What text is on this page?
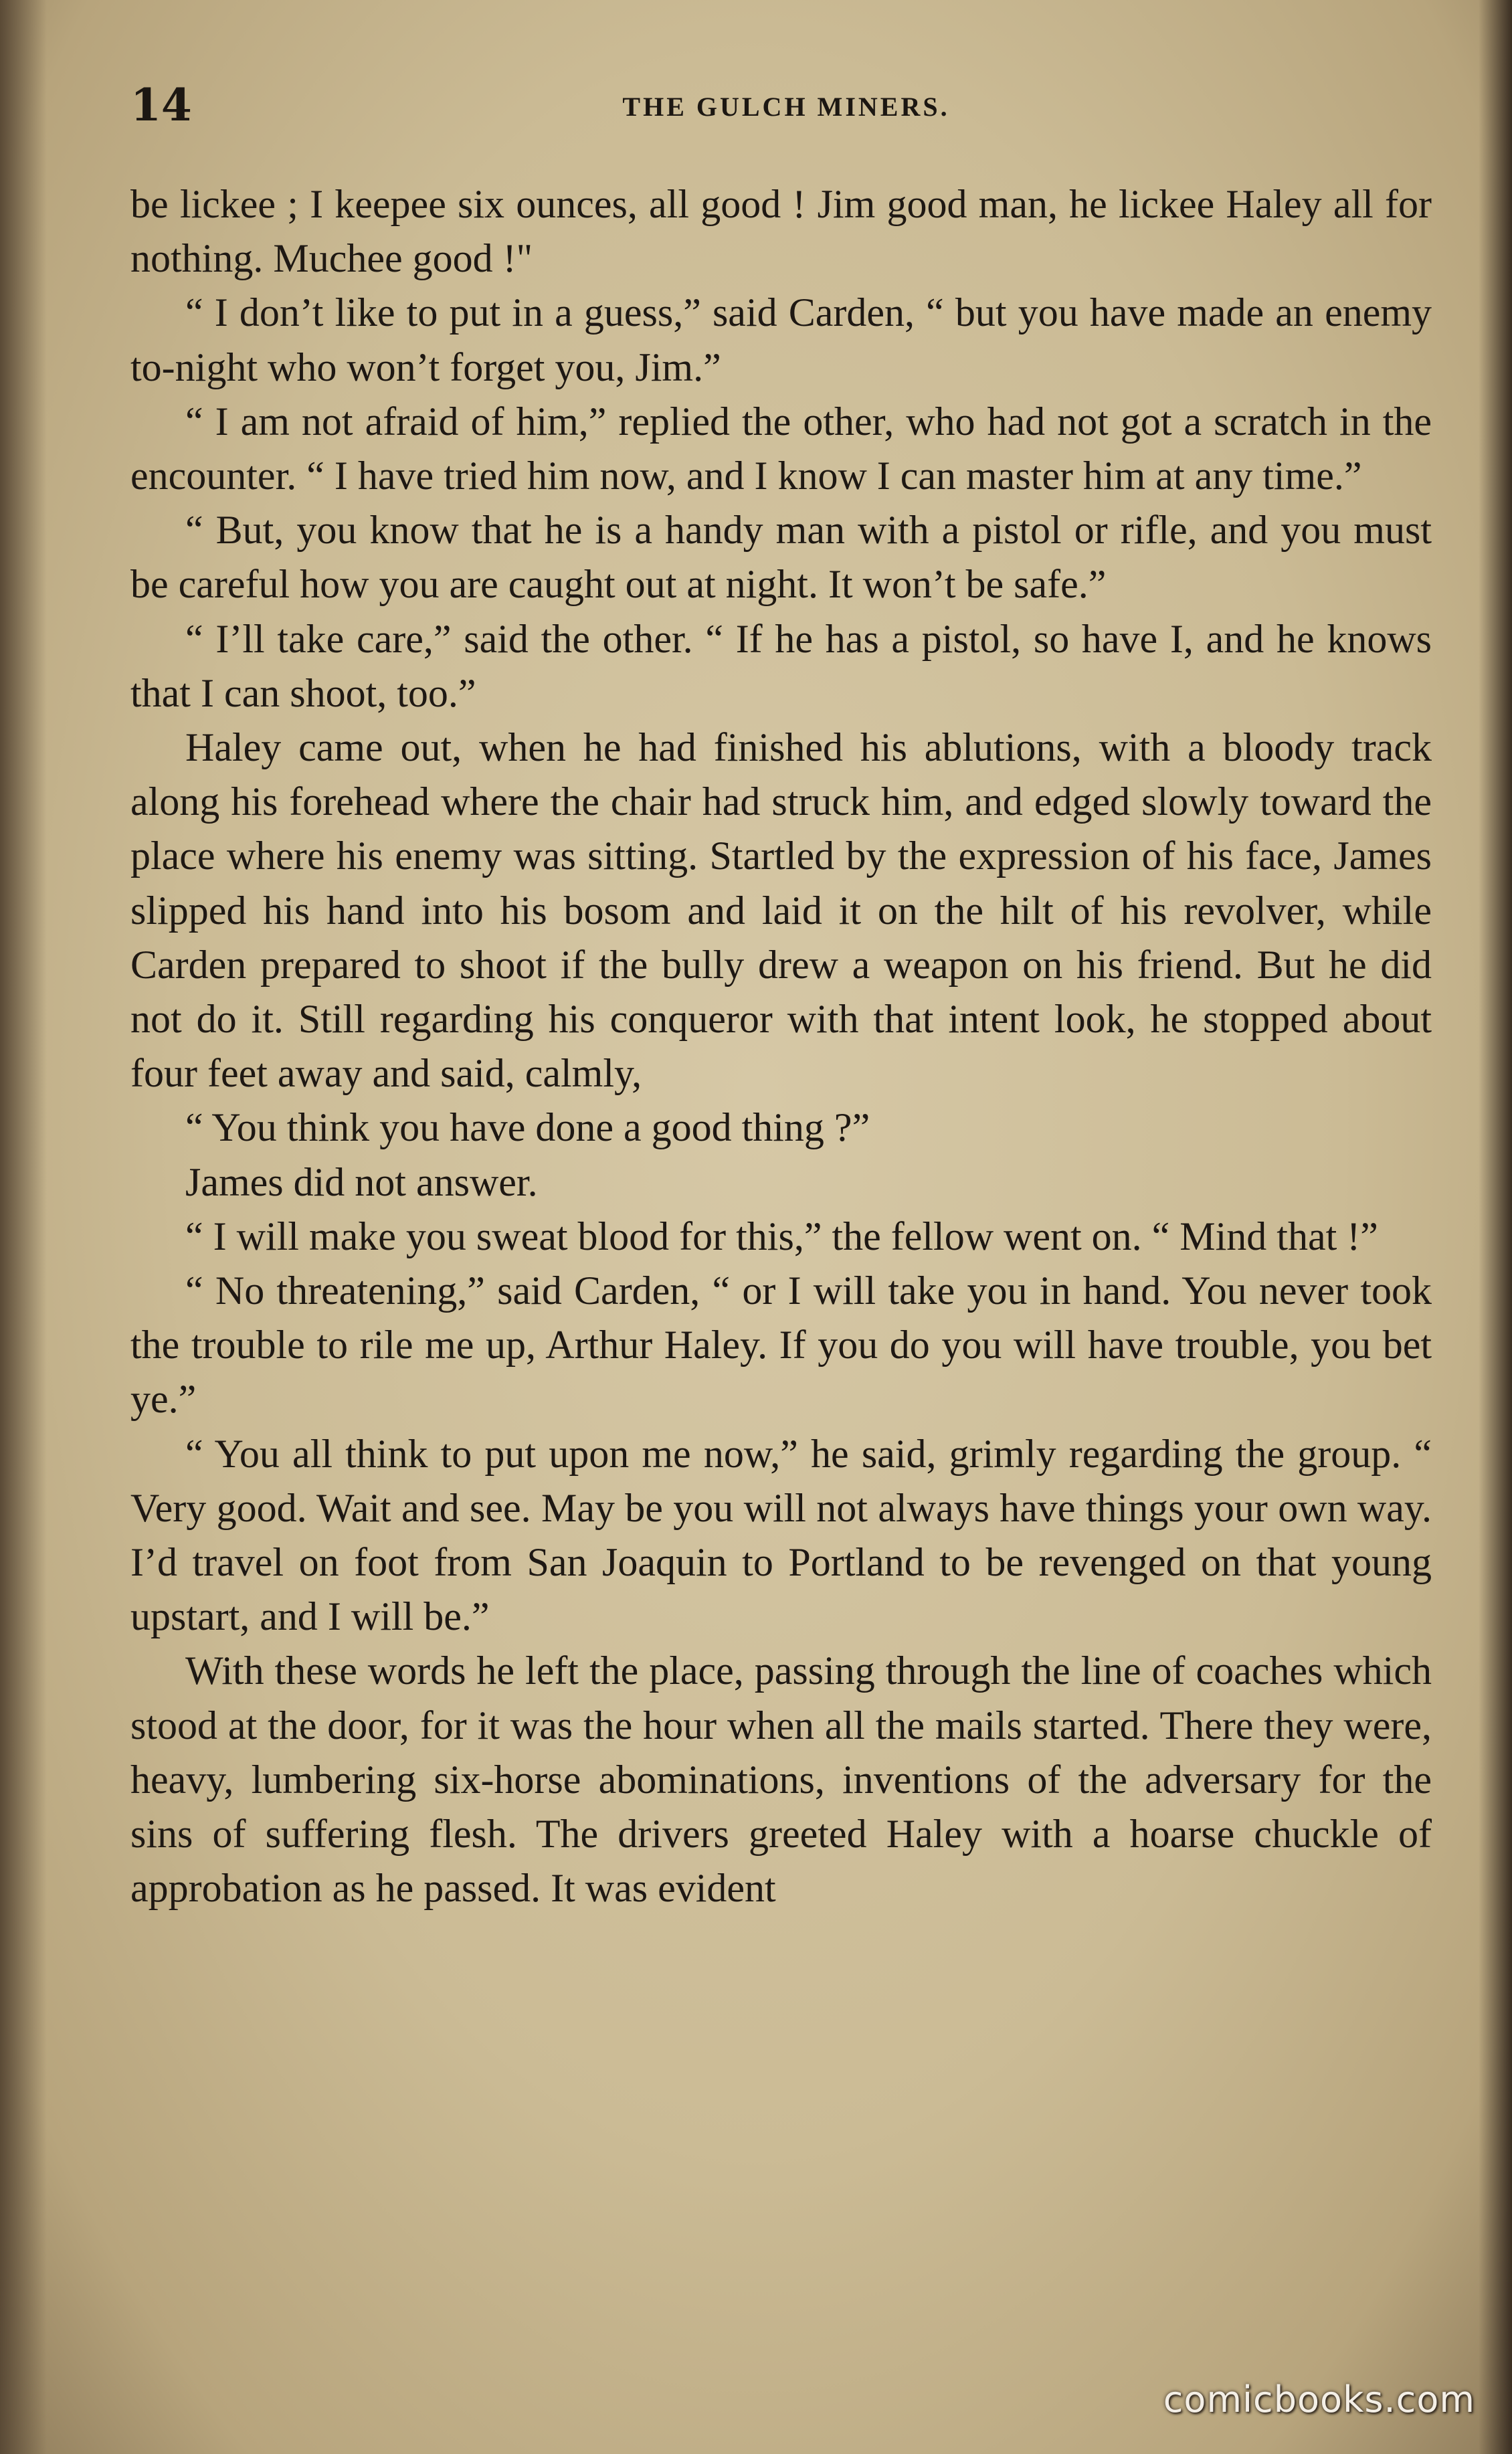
14	THE GULCH MINERS.

be lickee ; I keepee six ounces, all good ! Jim good man, he lickee Haley all for nothing. Muchee good !"

“ I don’t like to put in a guess,” said Carden, “ but you have made an enemy to-night who won’t forget you, Jim.”

“ I am not afraid of him,” replied the other, who had not got a scratch in the encounter. “ I have tried him now, and I know I can master him at any time.”

“ But, you know that he is a handy man with a pistol or rifle, and you must be careful how you are caught out at night. It won’t be safe.”

“ I’ll take care,” said the other. “ If he has a pistol, so have I, and he knows that I can shoot, too.”

Haley came out, when he had finished his ablutions, with a bloody track along his forehead where the chair had struck him, and edged slowly toward the place where his enemy was sitting. Startled by the expression of his face, James slipped his hand into his bosom and laid it on the hilt of his revolver, while Carden prepared to shoot if the bully drew a weapon on his friend. But he did not do it. Still regarding his conqueror with that intent look, he stopped about four feet away and said, calmly,

“ You think you have done a good thing ?”

James did not answer.

“ I will make you sweat blood for this,” the fellow went on. “ Mind that !”

“ No threatening,” said Carden, “ or I will take you in hand. You never took the trouble to rile me up, Arthur Haley. If you do you will have trouble, you bet ye.”

“ You all think to put upon me now,” he said, grimly regarding the group. “ Very good. Wait and see. May be you will not always have things your own way. I’d travel on foot from San Joaquin to Portland to be revenged on that young upstart, and I will be.”

With these words he left the place, passing through the line of coaches which stood at the door, for it was the hour when all the mails started. There they were, heavy, lumbering six-horse abominations, inventions of the adversary for the sins of suffering flesh. The drivers greeted Haley with a hoarse chuckle of approbation as he passed. It was evident

comicbooks.com
